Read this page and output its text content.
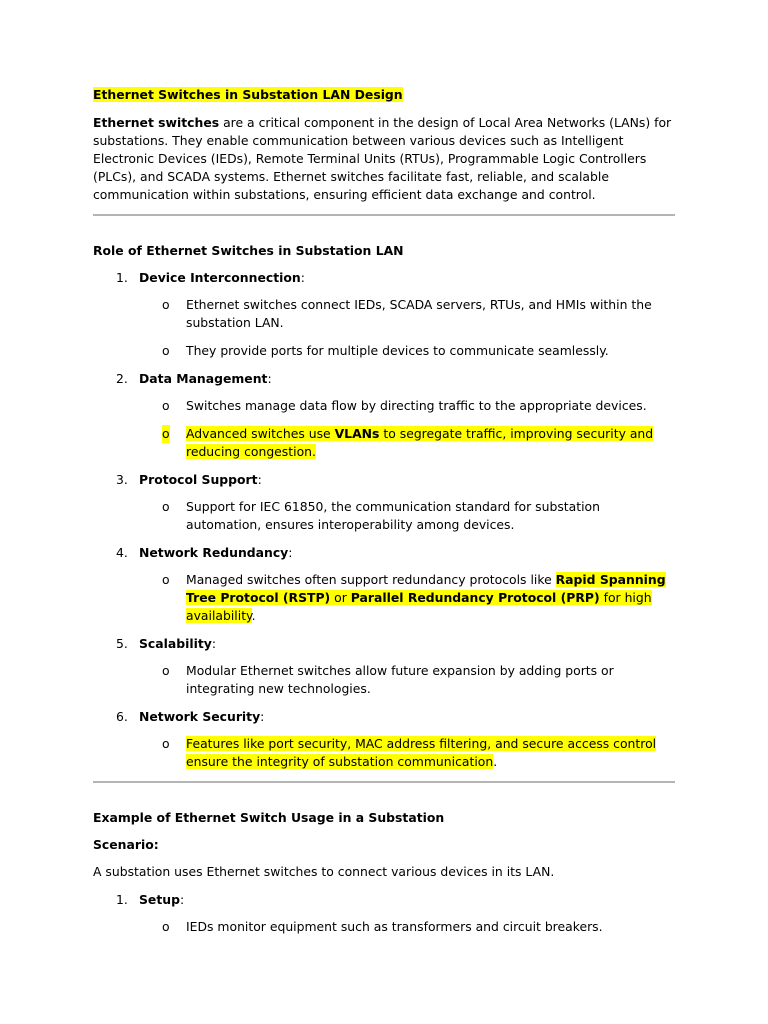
Ethernet Switches in Substation LAN Design

Ethernet switches are a critical component in the design of Local Area Networks (LANs) for substations. They enable communication between various devices such as Intelligent Electronic Devices (IEDs), Remote Terminal Units (RTUs), Programmable Logic Controllers (PLCs), and SCADA systems. Ethernet switches facilitate fast, reliable, and scalable communication within substations, ensuring efficient data exchange and control.

Role of Ethernet Switches in Substation LAN

1. Device Interconnection:
o Ethernet switches connect IEDs, SCADA servers, RTUs, and HMIs within the substation LAN.
o They provide ports for multiple devices to communicate seamlessly.
2. Data Management:
o Switches manage data flow by directing traffic to the appropriate devices.
o Advanced switches use VLANs to segregate traffic, improving security and reducing congestion.
3. Protocol Support:
o Support for IEC 61850, the communication standard for substation automation, ensures interoperability among devices.
4. Network Redundancy:
o Managed switches often support redundancy protocols like Rapid Spanning Tree Protocol (RSTP) or Parallel Redundancy Protocol (PRP) for high availability.
5. Scalability:
o Modular Ethernet switches allow future expansion by adding ports or integrating new technologies.
6. Network Security:
o Features like port security, MAC address filtering, and secure access control ensure the integrity of substation communication.

Example of Ethernet Switch Usage in a Substation

Scenario:

A substation uses Ethernet switches to connect various devices in its LAN.

1. Setup:
o IEDs monitor equipment such as transformers and circuit breakers.
